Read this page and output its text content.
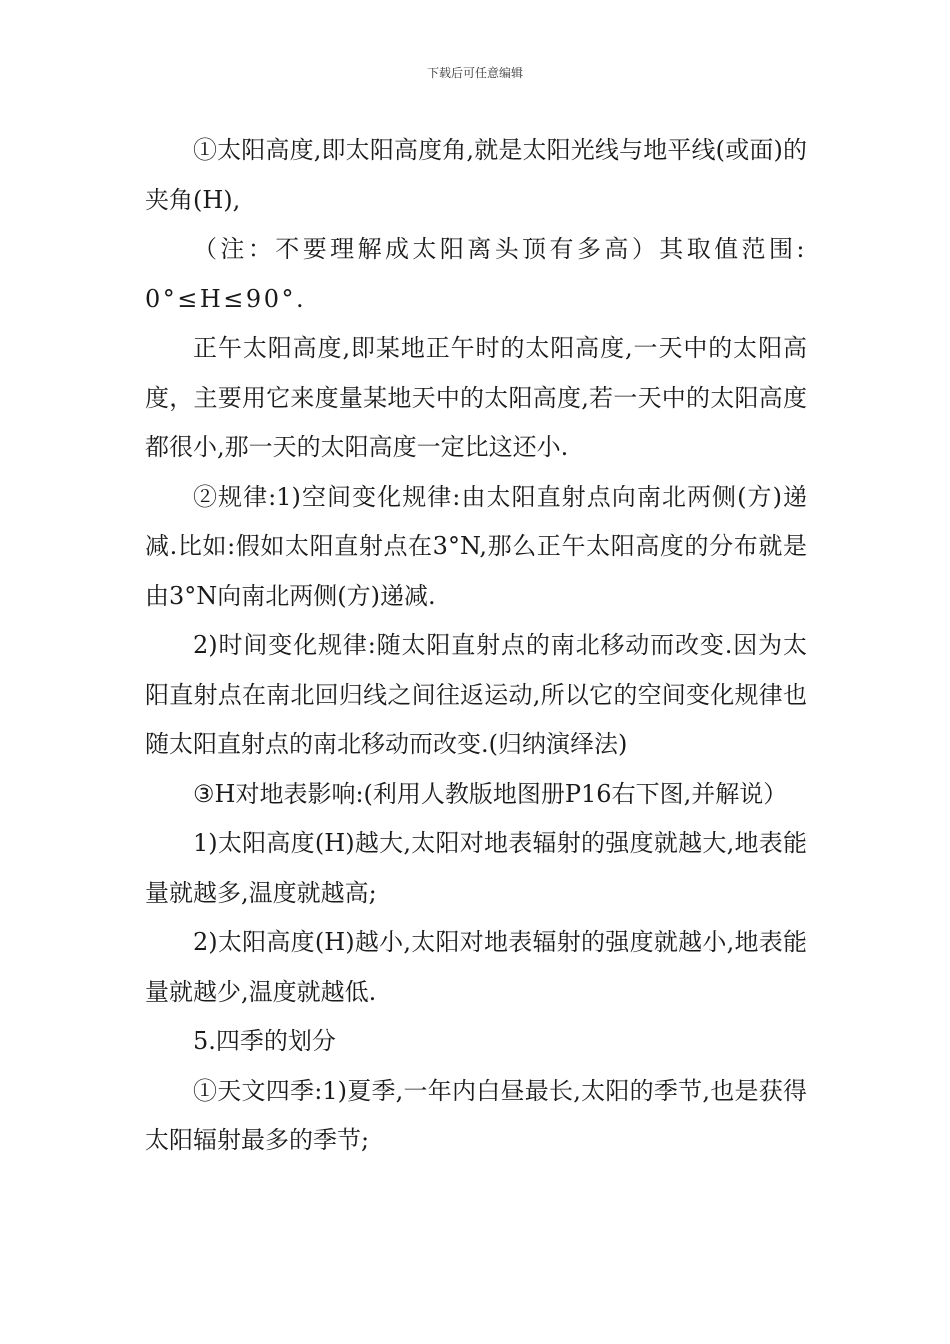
下载后可任意编辑

①太阳高度,即太阳高度角,就是太阳光线与地平线(或面)的夹角(H),

（注：不要理解成太阳离头顶有多高）其取值范围:0°≤H≤90°.

正午太阳高度,即某地正午时的太阳高度,一天中的太阳高度，主要用它来度量某地天中的太阳高度,若一天中的太阳高度都很小,那一天的太阳高度一定比这还小.

②规律:1)空间变化规律:由太阳直射点向南北两侧(方)递减.比如:假如太阳直射点在3°N,那么正午太阳高度的分布就是由3°N向南北两侧(方)递减.

2)时间变化规律:随太阳直射点的南北移动而改变.因为太阳直射点在南北回归线之间往返运动,所以它的空间变化规律也随太阳直射点的南北移动而改变.(归纳演绎法)

③H对地表影响:(利用人教版地图册P16右下图,并解说）

1)太阳高度(H)越大,太阳对地表辐射的强度就越大,地表能量就越多,温度就越高;

2)太阳高度(H)越小,太阳对地表辐射的强度就越小,地表能量就越少,温度就越低.

5.四季的划分

①天文四季:1)夏季,一年内白昼最长,太阳的季节,也是获得太阳辐射最多的季节;
